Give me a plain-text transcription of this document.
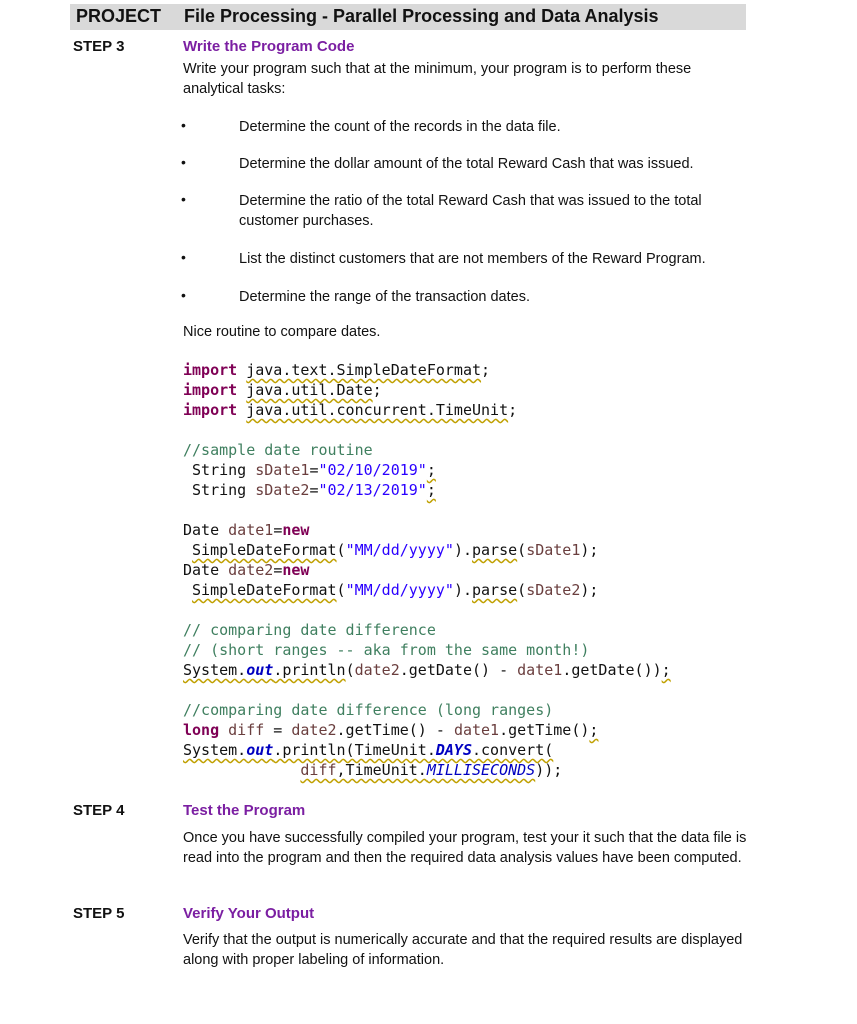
PROJECT File Processing - Parallel Processing and Data Analysis
STEP 3	Write the Program Code
Write your program such that at the minimum, your program is to perform these analytical tasks:
•	Determine the count of the records in the data file.
•	Determine the dollar amount of the total Reward Cash that was issued.
•	Determine the ratio of the total Reward Cash that was issued to the total customer purchases.
•	List the distinct customers that are not members of the Reward Program.
•	Determine the range of the transaction dates.
Nice routine to compare dates.
import java.text.SimpleDateFormat;
import java.util.Date;
import java.util.concurrent.TimeUnit;
//sample date routine
String sDate1="02/10/2019";
String sDate2="02/13/2019";
Date date1=new
SimpleDateFormat("MM/dd/yyyy").parse(sDate1);
Date date2=new
SimpleDateFormat("MM/dd/yyyy").parse(sDate2);
// comparing date difference
// (short ranges -- aka from the same month!)
System.out.println(date2.getDate() - date1.getDate());
//comparing date difference (long ranges)
long diff = date2.getTime() - date1.getTime();
System.out.println(TimeUnit.DAYS.convert(
diff,TimeUnit.MILLISECONDS));
STEP 4	Test the Program
Once you have successfully compiled your program, test your it such that the data file is read into the program and then the required data analysis values have been computed.
STEP 5	Verify Your Output
Verify that the output is numerically accurate and that the required results are displayed along with proper labeling of information.
